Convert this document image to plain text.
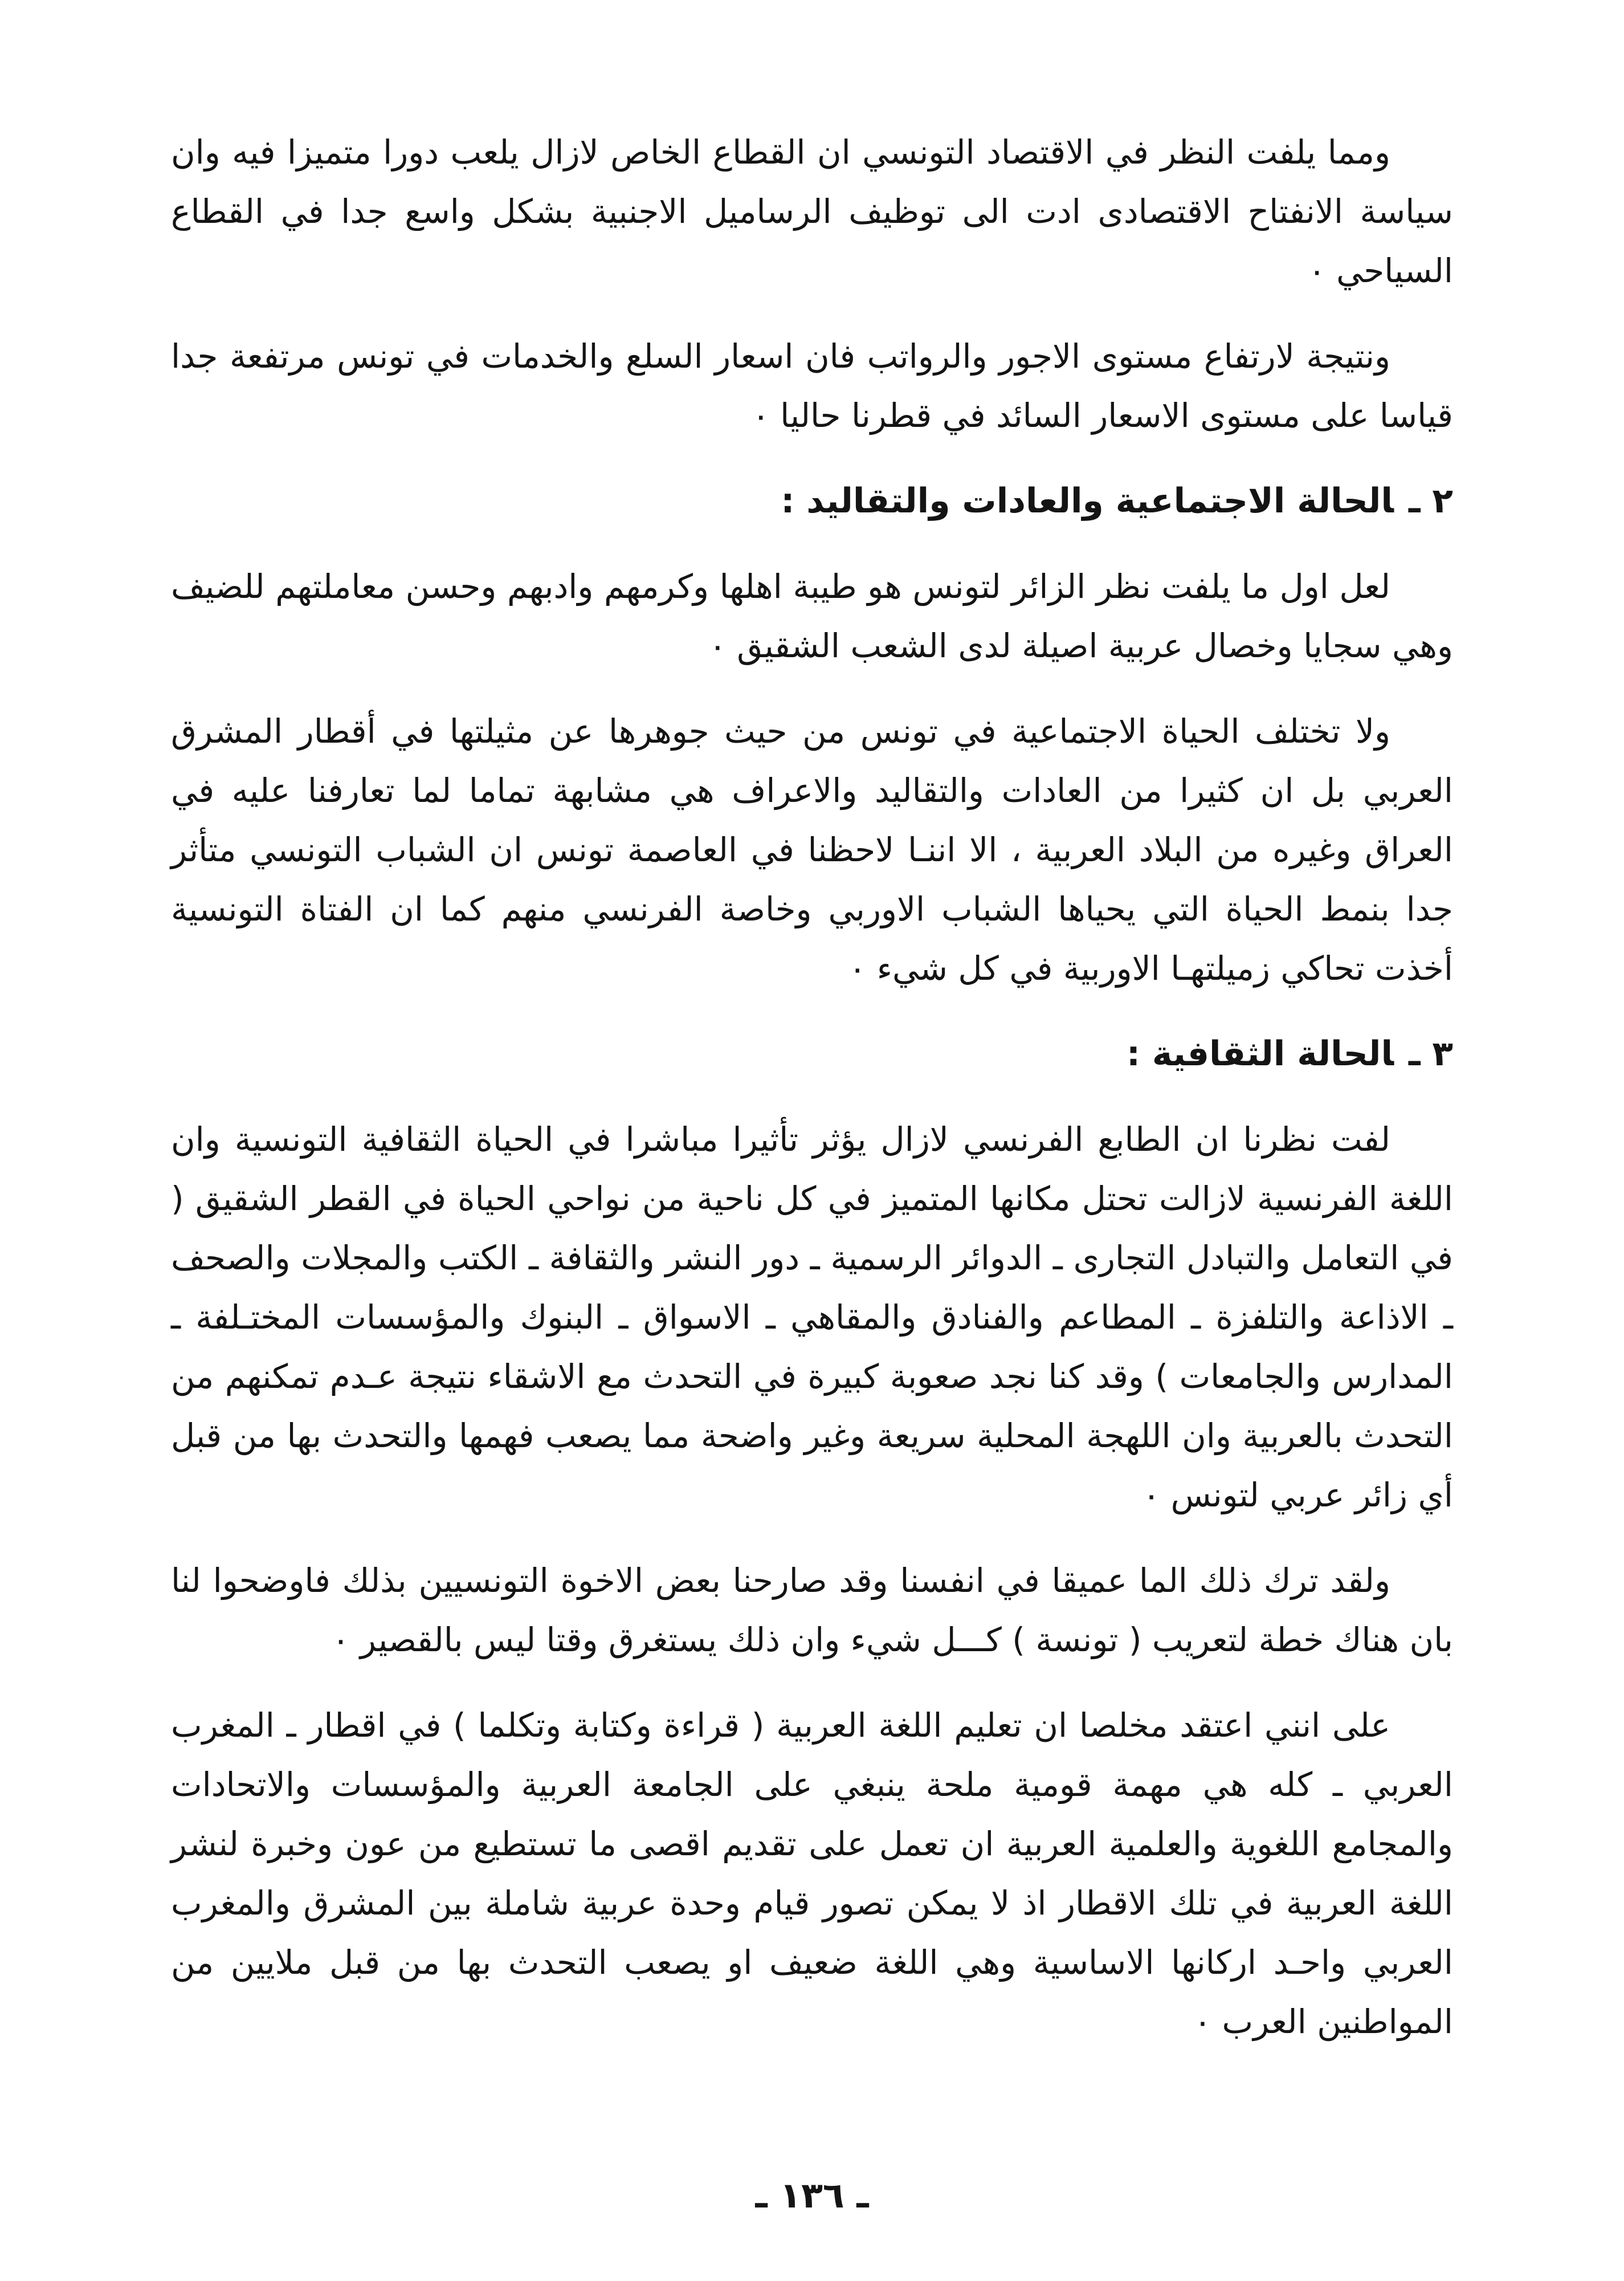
ومما يلفت النظر في الاقتصاد التونسي ان القطاع الخاص لازال يلعب دورا متميزا فيه وان سياسة الانفتاح الاقتصادى ادت الى توظيف الرساميل الاجنبية بشكل واسع جدا في القطاع السياحي ٠

ونتيجة لارتفاع مستوى الاجور والرواتب فان اسعار السلع والخدمات في تونس مرتفعة جدا قياسا على مستوى الاسعار السائد في قطرنا حاليا ٠

٢ ـالحالة الاجتماعية والعادات والتقاليد :

لعل اول ما يلفت نظر الزائر لتونس هو طيبة اهلها وكرمهم وادبهم وحسن معاملتهم للضيف وهي سجايا وخصال عربية اصيلة لدى الشعب الشقيق ٠

ولا تختلف الحياة الاجتماعية في تونس من حيث جوهرها عن مثيلتها في أقطار المشرق العربي بل ان كثيرا من العادات والتقاليد والاعراف هي مشابهة تماما لما تعارفنا عليه في العراق وغيره من البلاد العربية ، الا اننـا لاحظنا في العاصمة تونس ان الشباب التونسي متأثر جدا بنمط الحياة التي يحياها الشباب الاوربي وخاصة الفرنسي منهم كما ان الفتاة التونسية أخذت تحاكي زميلتهـا الاوربية في كل شيء ٠

٣ ـالحالة الثقافية :

لفت نظرنا ان الطابع الفرنسي لازال يؤثر تأثيرا مباشرا في الحياة الثقافية التونسية وان اللغة الفرنسية لازالت تحتل مكانها المتميز في كل ناحية من نواحي الحياة في القطر الشقيق ( في التعامل والتبادل التجارى ـ الدوائر الرسمية ـ دور النشر والثقافة ـ الكتب والمجلات والصحف ـ الاذاعة والتلفزة ـ المطاعم والفنادق والمقاهي ـ الاسواق ـ البنوك والمؤسسات المختـلفة ـ المدارس والجامعات ) وقد كنا نجد صعوبة كبيرة في التحدث مع الاشقاء نتيجة عـدم تمكنهم من التحدث بالعربية وان اللهجة المحلية سريعة وغير واضحة مما يصعب فهمها والتحدث بها من قبل أي زائر عربي لتونس ٠

ولقد ترك ذلك الما عميقا في انفسنا وقد صارحنا بعض الاخوة التونسيين بذلك فاوضحوا لنا بان هناك خطة لتعريب ( تونسة ) كـــل شيء وان ذلك يستغرق وقتا ليس بالقصير ٠

على انني اعتقد مخلصا ان تعليم اللغة العربية ( قراءة وكتابة وتكلما ) في اقطار ـ المغرب العربي ـ كله هي مهمة قومية ملحة ينبغي على الجامعة العربية والمؤسسات والاتحادات والمجامع اللغوية والعلمية العربية ان تعمل على تقديم اقصى ما تستطيع من عون وخبرة لنشر اللغة العربية في تلك الاقطار اذ لا يمكن تصور قيام وحدة عربية شاملة بين المشرق والمغرب العربي واحـد اركانها الاساسية وهي اللغة ضعيف او يصعب التحدث بها من قبل ملايين من المواطنين العرب ٠

ـ ١٣٦ ـ
